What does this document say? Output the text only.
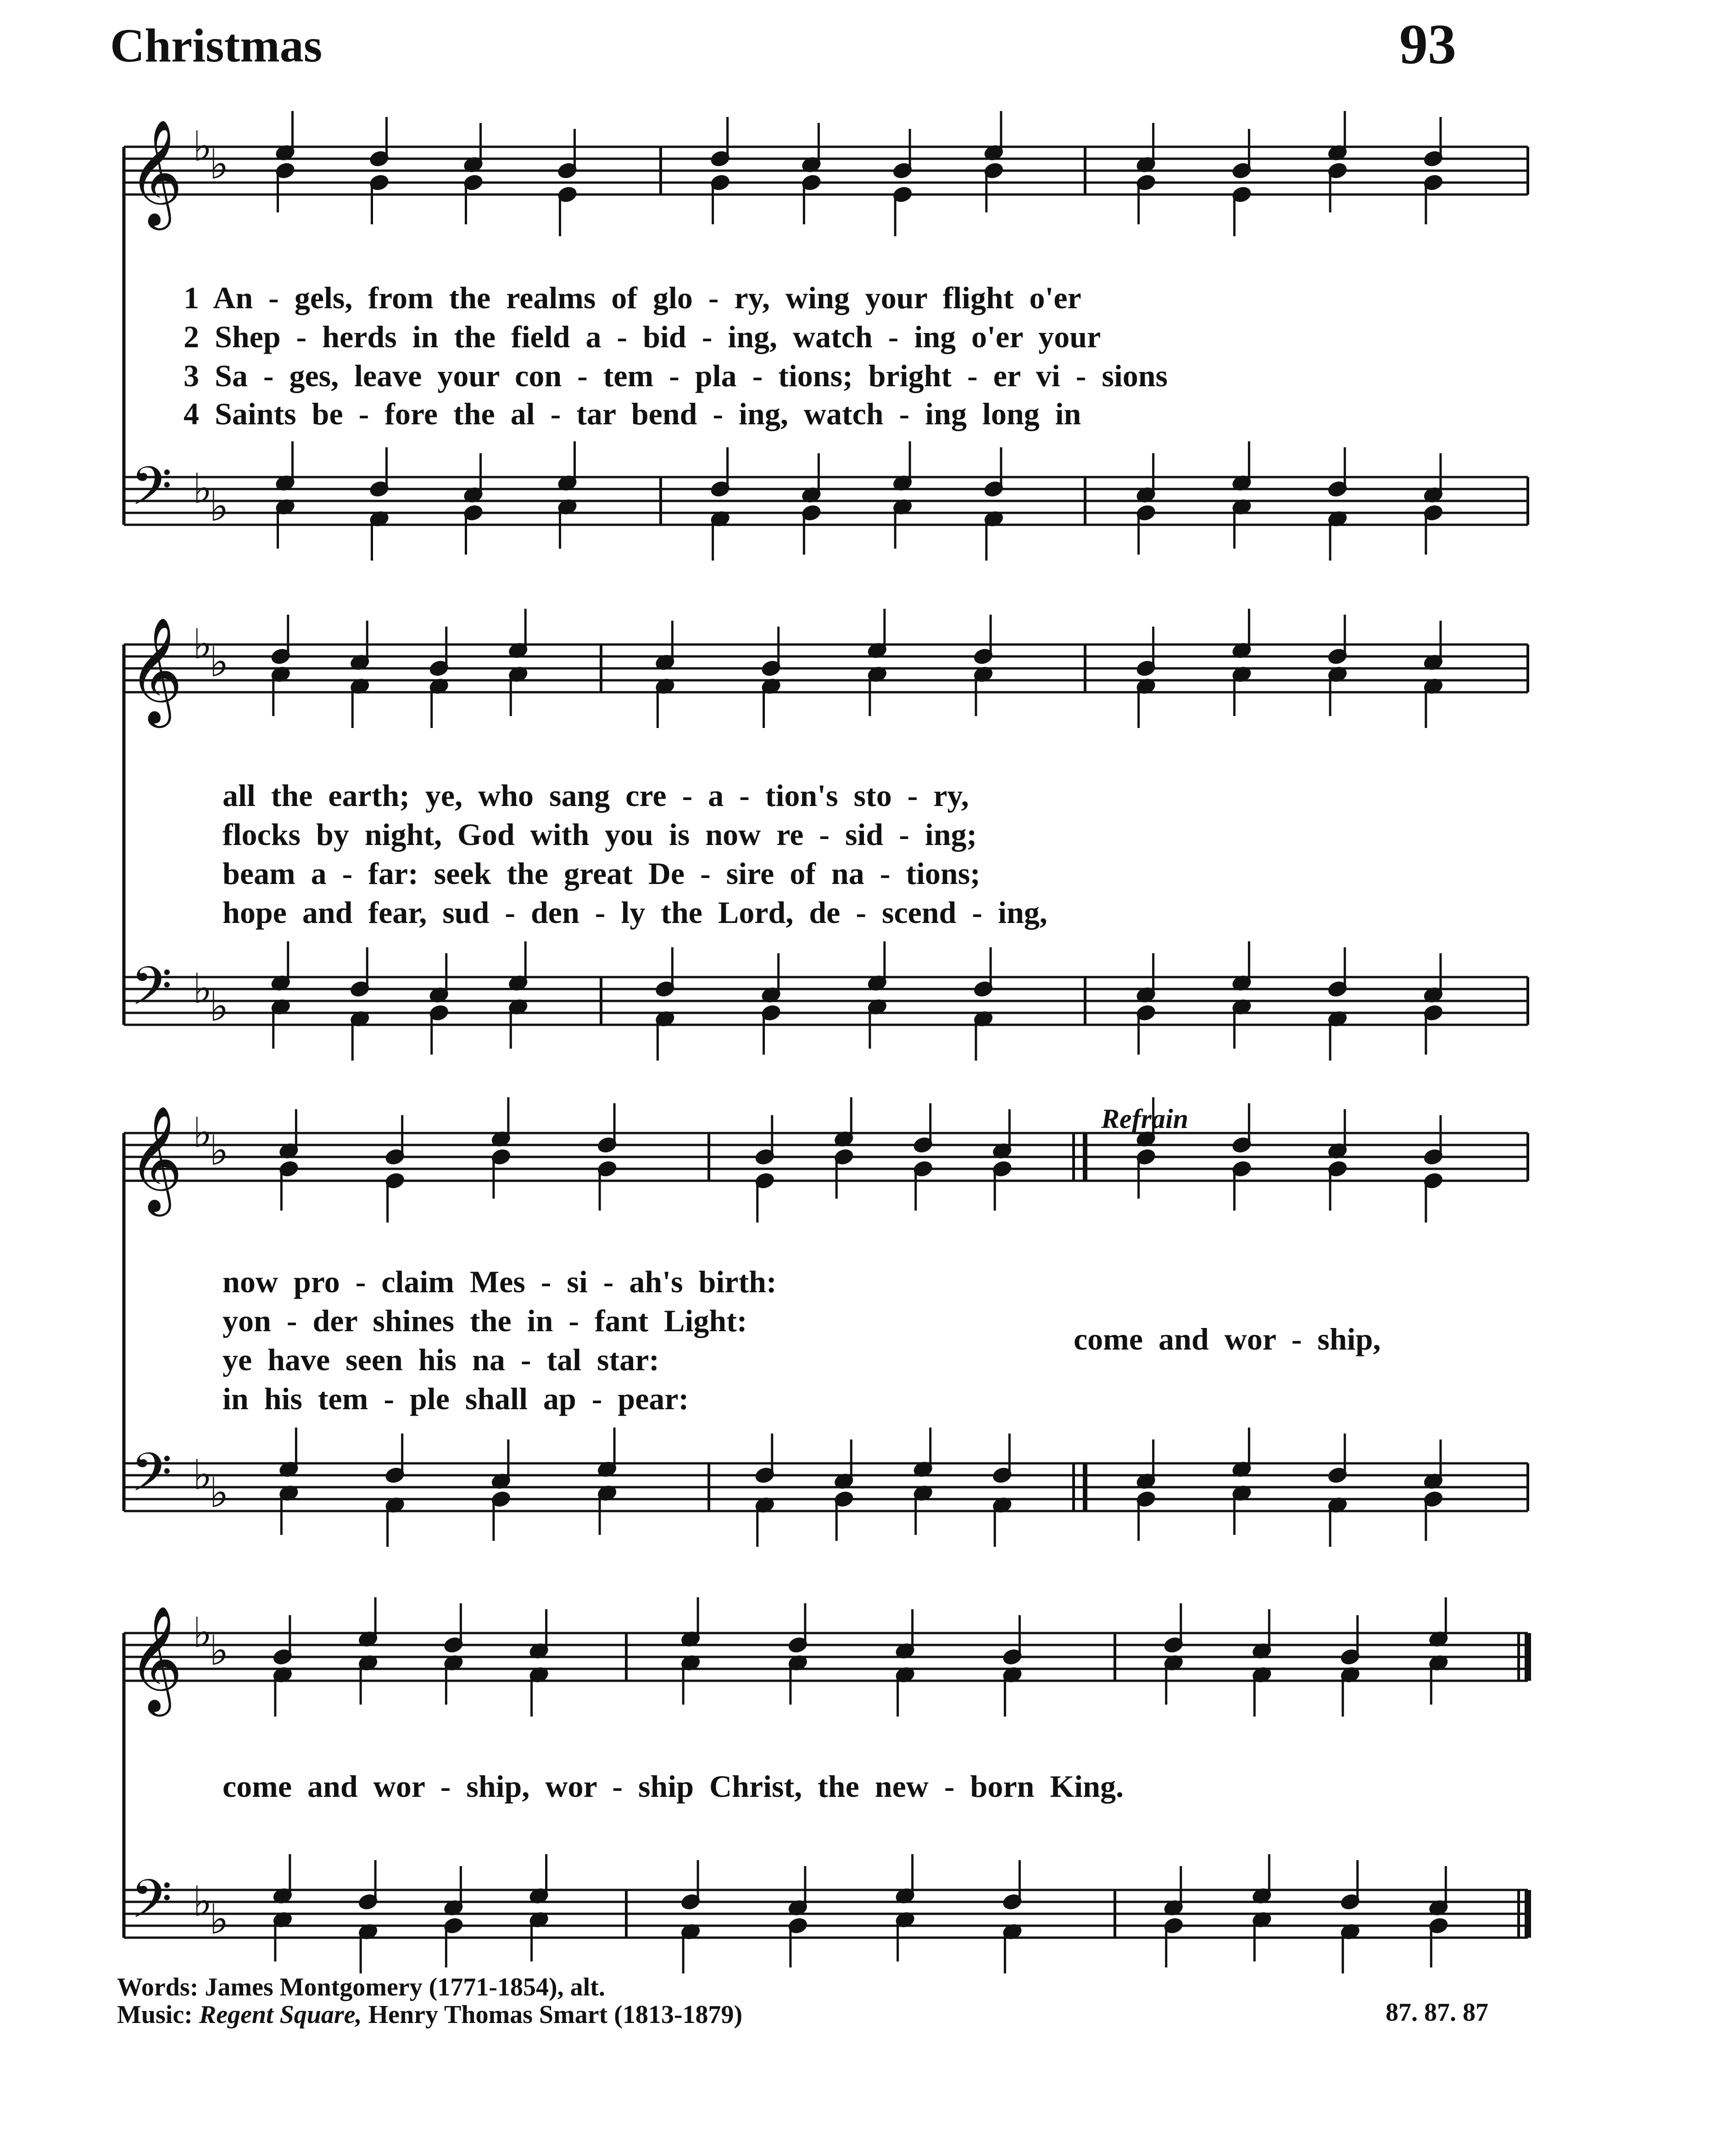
Christmas	93
𝄞
𝄢
♭
♭
♭
♭
𝄞
𝄢
♭
♭
♭
♭
𝄞
𝄢
♭
♭
♭
♭
𝄞
𝄢
♭
♭
♭
♭
1  An  -  gels,  from  the  realms  of  glo  -  ry,  wing  your  flight  o'er
2  Shep  -  herds  in  the  field  a  -  bid  -  ing,  watch  -  ing  o'er  your
3  Sa  -  ges,  leave  your  con  -  tem  -  pla  -  tions;  bright  -  er  vi  -  sions
4  Saints  be  -  fore  the  al  -  tar  bend  -  ing,  watch  -  ing  long  in
all  the  earth;  ye,  who  sang  cre  -  a  -  tion's  sto  -  ry,
flocks  by  night,  God  with  you  is  now  re  -  sid  -  ing;
beam  a  -  far:  seek  the  great  De  -  sire  of  na  -  tions;
hope  and  fear,  sud  -  den  -  ly  the  Lord,  de  -  scend  -  ing,
now  pro  -  claim  Mes  -  si  -  ah's  birth:
yon  -  der  shines  the  in  -  fant  Light:
ye  have  seen  his  na  -  tal  star:
in  his  tem  -  ple  shall  ap  -  pear:
come  and  wor  -  ship,
come  and  wor  -  ship,  wor  -  ship  Christ,  the  new  -  born  King.
Refrain
Words: James Montgomery (1771-1854), alt.
Music: Regent Square, Henry Thomas Smart (1813-1879)	87. 87. 87
